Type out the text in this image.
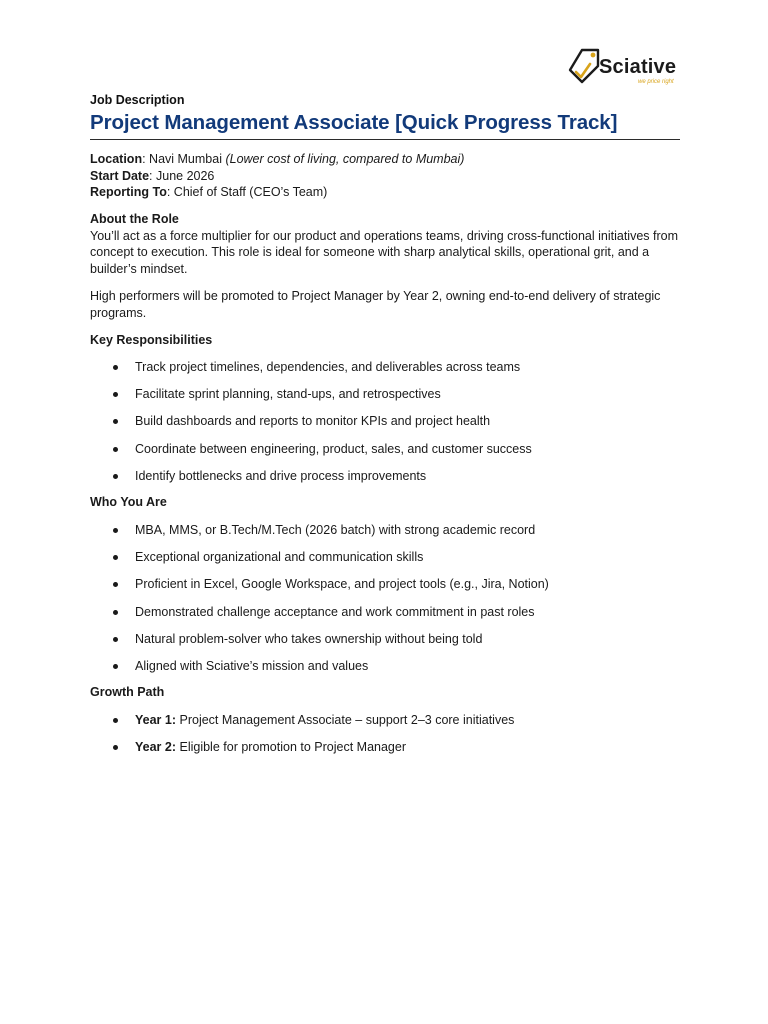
Sciative
we price right
Job Description
Project Management Associate [Quick Progress Track]
Location: Navi Mumbai (Lower cost of living, compared to Mumbai)
Start Date: June 2026
Reporting To: Chief of Staff (CEO’s Team)
About the Role
You’ll act as a force multiplier for our product and operations teams, driving cross-functional initiatives from concept to execution. This role is ideal for someone with sharp analytical skills, operational grit, and a builder’s mindset.
High performers will be promoted to Project Manager by Year 2, owning end-to-end delivery of strategic programs.
Key Responsibilities
Track project timelines, dependencies, and deliverables across teams
Facilitate sprint planning, stand-ups, and retrospectives
Build dashboards and reports to monitor KPIs and project health
Coordinate between engineering, product, sales, and customer success
Identify bottlenecks and drive process improvements
Who You Are
MBA, MMS, or B.Tech/M.Tech (2026 batch) with strong academic record
Exceptional organizational and communication skills
Proficient in Excel, Google Workspace, and project tools (e.g., Jira, Notion)
Demonstrated challenge acceptance and work commitment in past roles
Natural problem-solver who takes ownership without being told
Aligned with Sciative’s mission and values
Growth Path
Year 1: Project Management Associate – support 2–3 core initiatives
Year 2: Eligible for promotion to Project Manager
